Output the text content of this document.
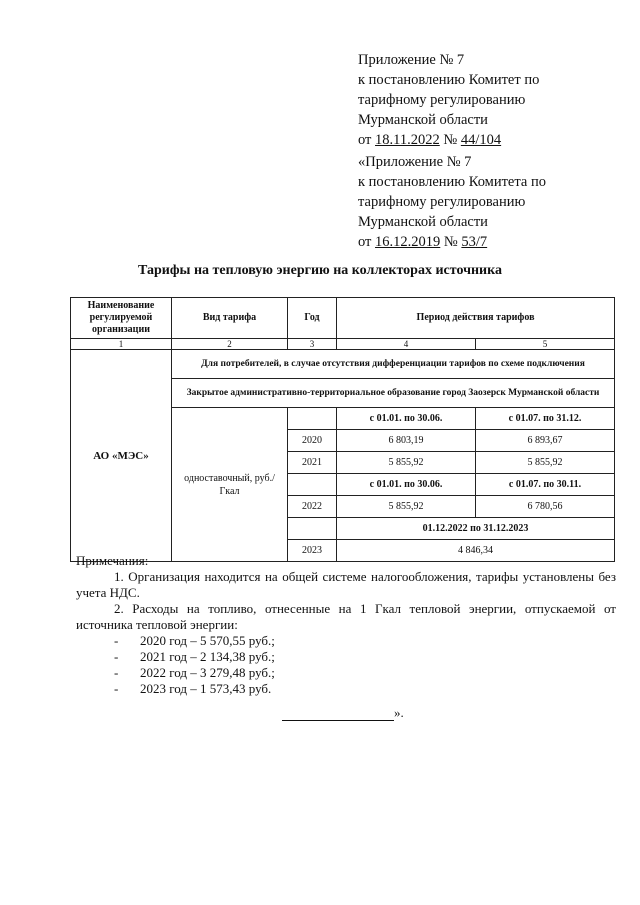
Приложение № 7
к постановлению Комитет по
тарифному регулированию
Мурманской области
от 18.11.2022 № 44/104
«Приложение № 7
к постановлению Комитета по
тарифному регулированию
Мурманской области
от 16.12.2019 № 53/7
Тарифы на тепловую энергию на коллекторах источника
Наименование регулируемой организации	Вид тарифа	Год	Период действия тарифов	
1	2	3	4	5
АО «МЭС»	Для потребителей, в случае отсутствия дифференциации тарифов по схеме подключения			
	Закрытое административно-территориальное образование город Заозерск Мурманской области			
	одноставочный, руб./Гкал		с 01.01. по 30.06.	с 01.07. по 31.12.
		2020	6 803,19	6 893,67
		2021	5 855,92	5 855,92
			с 01.01. по 30.06.	с 01.07. по 30.11.
		2022	5 855,92	6 780,56
			01.12.2022 по 31.12.2023	
		2023	4 846,34	

Примечания:

1. Организация находится на общей системе налогообложения, тарифы установлены без учета НДС.

2. Расходы на топливо, отнесенные на 1 Гкал тепловой энергии, отпускаемой от источника тепловой энергии:

- 2020 год – 5 570,55 руб.;

- 2021 год – 2 134,38 руб.;

- 2022 год – 3 279,48 руб.;

- 2023 год – 1 573,43 руб.

».
